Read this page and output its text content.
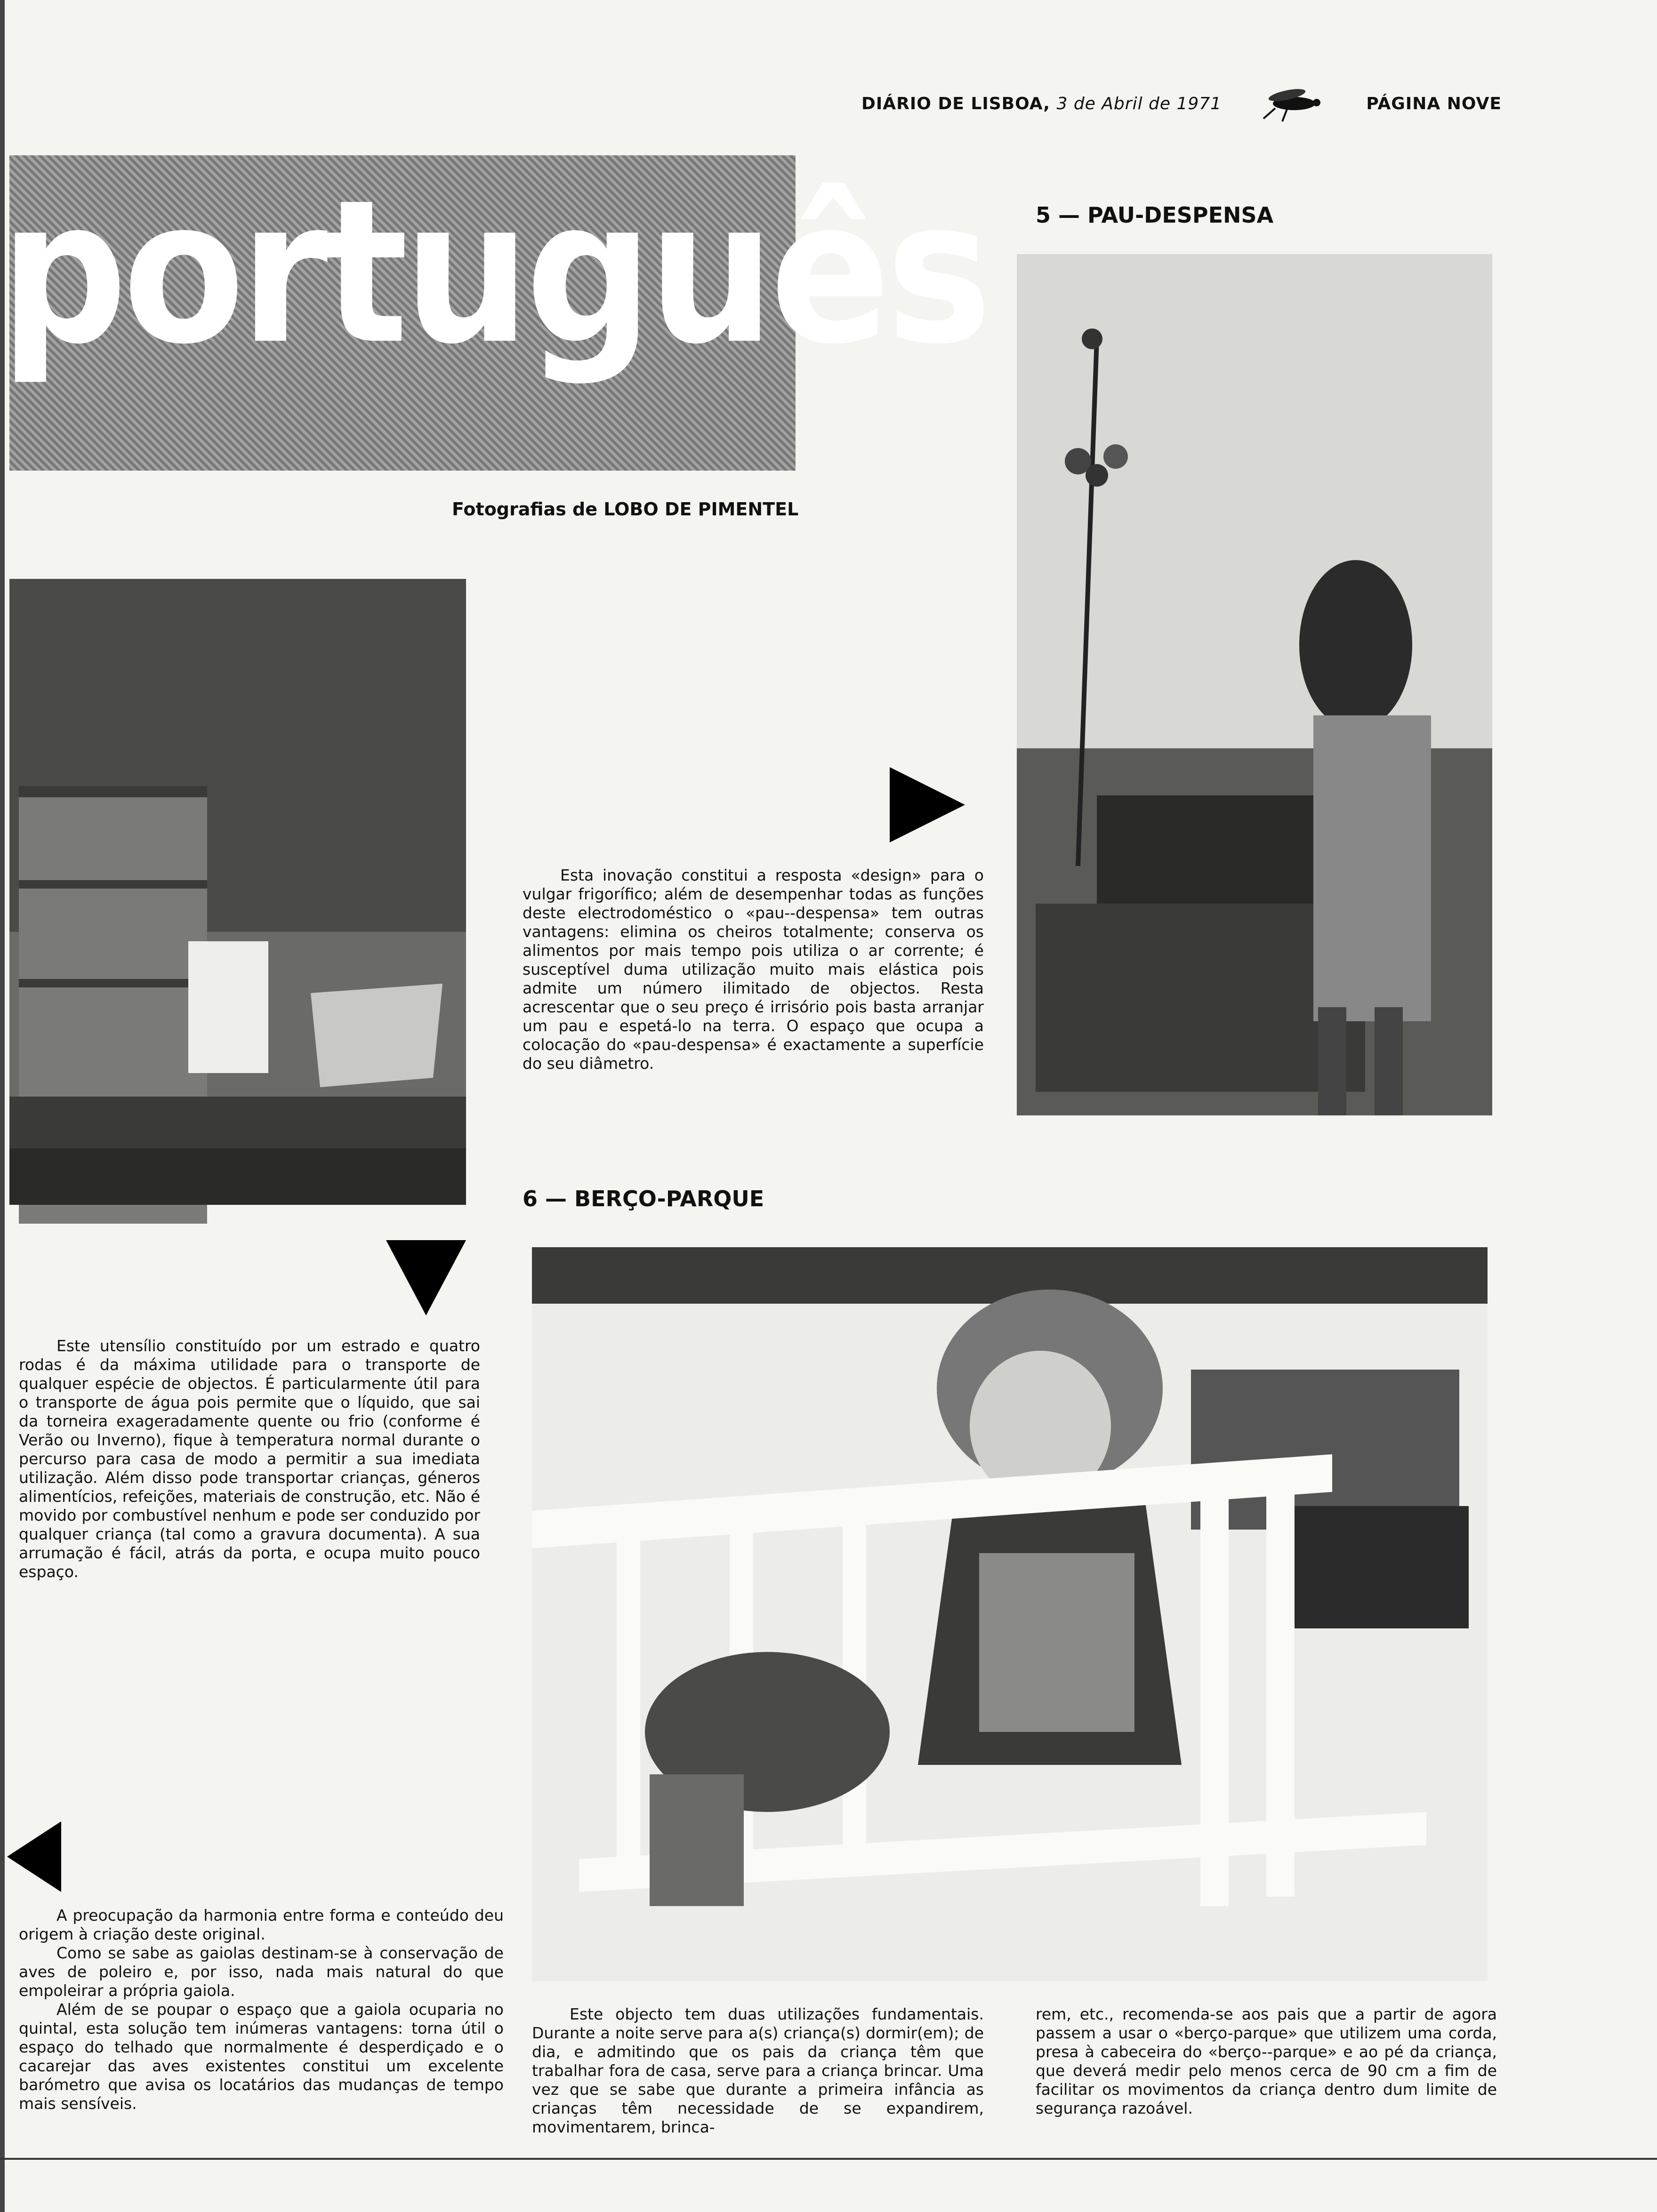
DIÁRIO DE LISBOA, 3 de Abril de 1971	PÁGINA NOVE
português
Fotografias de LOBO DE PIMENTEL
5 — PAU-DESPENSA

Esta inovação constitui a resposta «design» para o vulgar frigorífico; além de desempenhar todas as funções deste electrodoméstico o «pau--despensa» tem outras vantagens: elimina os cheiros totalmente; conserva os alimentos por mais tempo pois utiliza o ar corrente; é susceptível duma utilização muito mais elástica pois admite um número ilimitado de objectos. Resta acrescentar que o seu preço é irrisório pois basta arranjar um pau e espetá-lo na terra. O espaço que ocupa a colocação do «pau-despensa» é exactamente a superfície do seu diâmetro.

Este utensílio constituído por um estrado e quatro rodas é da máxima utilidade para o transporte de qualquer espécie de objectos. É particularmente útil para o transporte de água pois permite que o líquido, que sai da torneira exageradamente quente ou frio (conforme é Verão ou Inverno), fique à temperatura normal durante o percurso para casa de modo a permitir a sua imediata utilização. Além disso pode transportar crianças, géneros alimentícios, refeições, materiais de construção, etc. Não é movido por combustível nenhum e pode ser conduzido por qualquer criança (tal como a gravura documenta). A sua arrumação é fácil, atrás da porta, e ocupa muito pouco espaço.

6 — BERÇO-PARQUE

A preocupação da harmonia entre forma e conteúdo deu origem à criação deste original.

Como se sabe as gaiolas destinam-se à conservação de aves de poleiro e, por isso, nada mais natural do que empoleirar a própria gaiola.

Além de se poupar o espaço que a gaiola ocuparia no quintal, esta solução tem inúmeras vantagens: torna útil o espaço do telhado que normalmente é desperdiçado e o cacarejar das aves existentes constitui um excelente barómetro que avisa os locatários das mudanças de tempo mais sensíveis.

Este objecto tem duas utilizações fundamentais. Durante a noite serve para a(s) criança(s) dormir(em); de dia, e admitindo que os pais da criança têm que trabalhar fora de casa, serve para a criança brincar. Uma vez que se sabe que durante a primeira infância as crianças têm necessidade de se expandirem, movimentarem, brinca-

rem, etc., recomenda-se aos pais que a partir de agora passem a usar o «berço-parque» que utilizem uma corda, presa à cabeceira do «berço--parque» e ao pé da criança, que deverá medir pelo menos cerca de 90 cm a fim de facilitar os movimentos da criança dentro dum limite de segurança razoável.
